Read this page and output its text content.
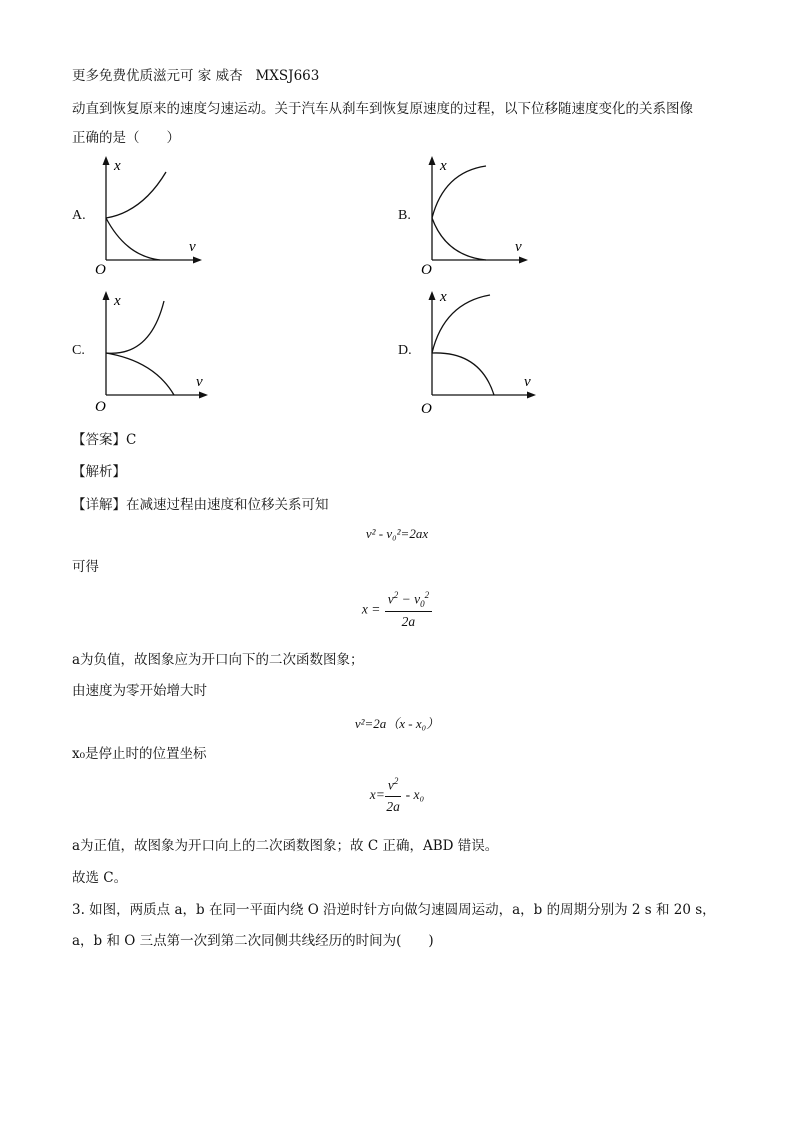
更多免费优质滋元可 家 威杏 MXSJ663
动直到恢复原来的速度匀速运动。关于汽车从刹车到恢复原速度的过程，以下位移随速度变化的关系图像
正确的是（　　）
A.
x
v
O
B.
x
v
O
C.
x
v
O
D.
x
v
O
【答案】C
【解析】
【详解】在减速过程由速度和位移关系可知
v² - v₀²=2ax
可得
$x = \frac{v^2 - v_0^2}{2a}$
a为负值，故图象应为开口向下的二次函数图象；
由速度为零开始增大时
v²=2a（x - x₀）
x₀是停止时的位置坐标
$x= \frac{v^2}{2a} - x_0$
a为正值，故图象为开口向上的二次函数图象；故 C 正确，ABD 错误。
故选 C。
3. 如图，两质点 a，b 在同一平面内绕 O 沿逆时针方向做匀速圆周运动，a，b 的周期分别为 2 s 和 20 s，
a，b 和 O 三点第一次到第二次同侧共线经历的时间为(　　)
